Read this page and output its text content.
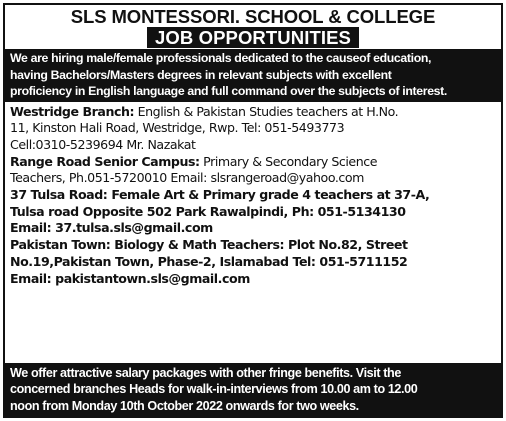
SLS MONTESSORI. SCHOOL & COLLEGE
JOB OPPORTUNITIES
We are hiring male/female professionals dedicated to the causeof education,
having Bachelors/Masters degrees in relevant subjects with excellent
proficiency in English language and full command over the subjects of interest.
Westridge Branch: English & Pakistan Studies teachers at H.No.
11, Kinston Hali Road, Westridge, Rwp. Tel: 051-5493773
Cell:0310-5239694 Mr. Nazakat
Range Road Senior Campus: Primary & Secondary Science
Teachers, Ph.051-5720010 Email: slsrangeroad@yahoo.com
37 Tulsa Road: Female Art & Primary grade 4 teachers at 37-A,
Tulsa road Opposite 502 Park Rawalpindi, Ph: 051-5134130
Email: 37.tulsa.sls@gmail.com
Pakistan Town: Biology & Math Teachers: Plot No.82, Street
No.19,Pakistan Town, Phase-2, Islamabad Tel: 051-5711152
Email: pakistantown.sls@gmail.com
We offer attractive salary packages with other fringe benefits. Visit the
concerned branches Heads for walk-in-interviews from 10.00 am to 12.00
noon from Monday 10th October 2022 onwards for two weeks.
